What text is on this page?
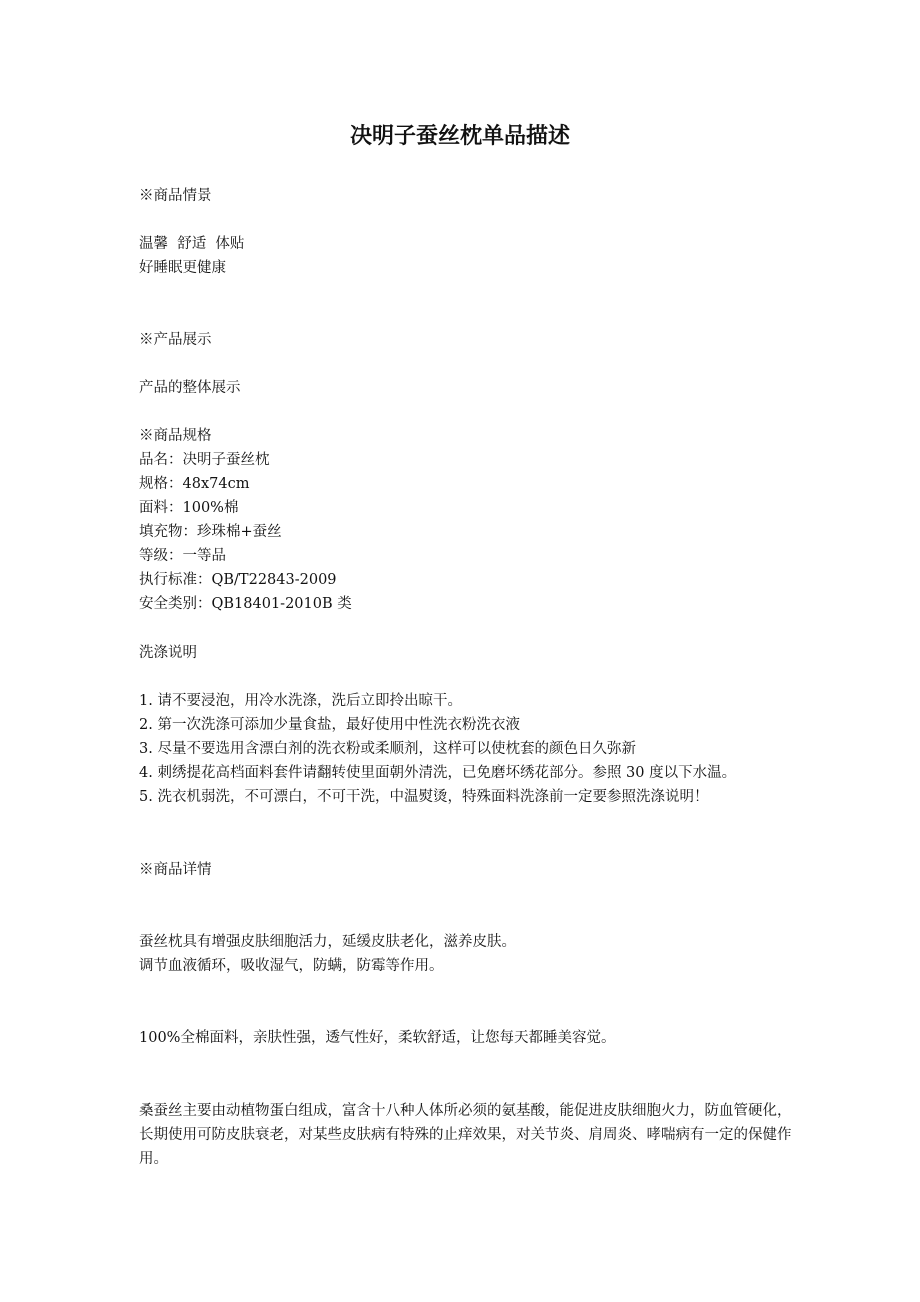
决明子蚕丝枕单品描述
※商品情景
温馨  舒适  体贴
好睡眠更健康
※产品展示
产品的整体展示
※商品规格
品名：决明子蚕丝枕
规格：48x74cm
面料：100%棉
填充物：珍珠棉+蚕丝
等级：一等品
执行标准：QB/T22843-2009
安全类别：QB18401-2010B 类
洗涤说明
1. 请不要浸泡，用冷水洗涤，洗后立即拎出晾干。
2. 第一次洗涤可添加少量食盐，最好使用中性洗衣粉洗衣液
3. 尽量不要选用含漂白剂的洗衣粉或柔顺剂，这样可以使枕套的颜色日久弥新
4. 刺绣提花高档面料套件请翻转使里面朝外清洗，已免磨坏绣花部分。参照 30 度以下水温。
5. 洗衣机弱洗，不可漂白，不可干洗，中温熨烫，特殊面料洗涤前一定要参照洗涤说明！
※商品详情
蚕丝枕具有增强皮肤细胞活力，延缓皮肤老化，滋养皮肤。
调节血液循环，吸收湿气，防螨，防霉等作用。
100%全棉面料，亲肤性强，透气性好，柔软舒适，让您每天都睡美容觉。
桑蚕丝主要由动植物蛋白组成，富含十八种人体所必须的氨基酸，能促进皮肤细胞火力，防血管硬化，长期使用可防皮肤衰老，对某些皮肤病有特殊的止痒效果，对关节炎、肩周炎、哮喘病有一定的保健作用。
